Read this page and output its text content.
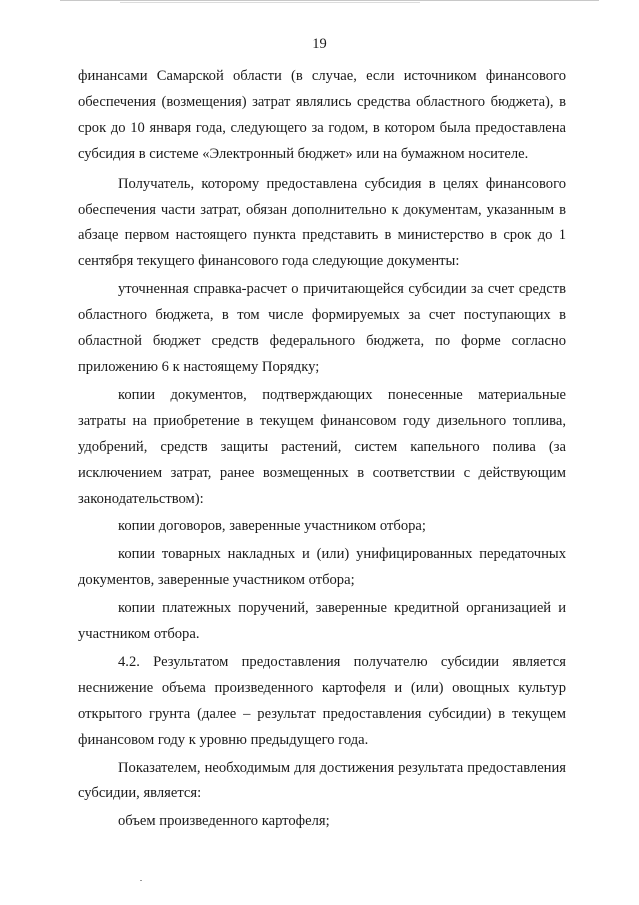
19

финансами Самарской области (в случае, если источником финансового обеспечения (возмещения) затрат являлись средства областного бюджета), в срок до 10 января года, следующего за годом, в котором была предоставлена субсидия в системе «Электронный бюджет» или на бумажном носителе.

Получатель, которому предоставлена субсидия в целях финансового обеспечения части затрат, обязан дополнительно к документам, указанным в абзаце первом настоящего пункта представить в министерство в срок до 1 сентября текущего финансового года следующие документы:

уточненная справка-расчет о причитающейся субсидии за счет средств областного бюджета, в том числе формируемых за счет поступающих в областной бюджет средств федерального бюджета, по форме согласно приложению 6 к настоящему Порядку;

копии документов, подтверждающих понесенные материальные затраты на приобретение в текущем финансовом году дизельного топлива, удобрений, средств защиты растений, систем капельного полива (за исключением затрат, ранее возмещенных в соответствии с действующим законодательством):

копии договоров, заверенные участником отбора;

копии товарных накладных и (или) унифицированных передаточных документов, заверенные участником отбора;

копии платежных поручений, заверенные кредитной организацией и участником отбора.

4.2. Результатом предоставления получателю субсидии является неснижение объема произведенного картофеля и (или) овощных культур открытого грунта (далее – результат предоставления субсидии) в текущем финансовом году к уровню предыдущего года.

Показателем, необходимым для достижения результата предоставления субсидии, является:

объем произведенного картофеля;
